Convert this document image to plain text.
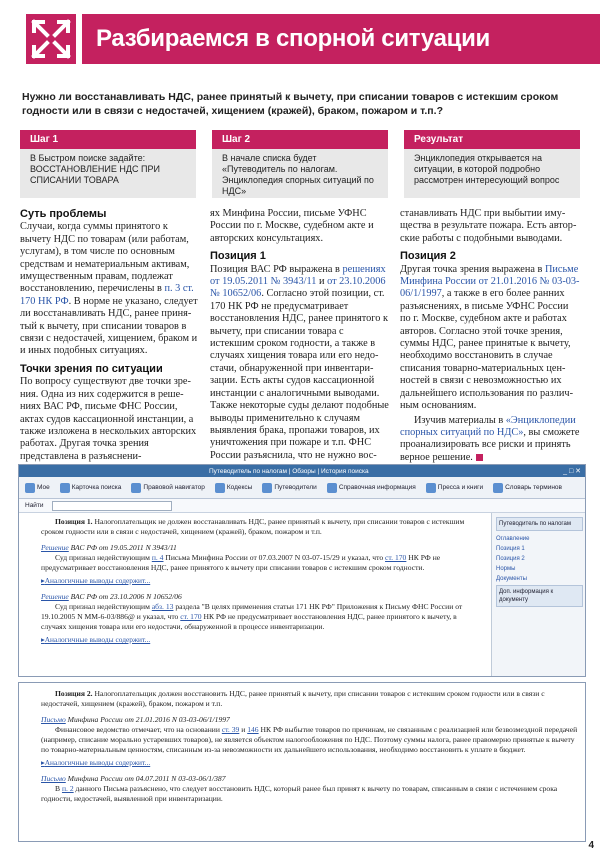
Разбираемся в спорной ситуации
Нужно ли восстанавливать НДС, ранее принятый к вычету, при списании товаров с истекшим сроком годности или в связи с недостачей, хищением (кражей), браком, пожаром и т.п.?
Шаг 1
В Быстром поиске задайте: ВОССТАНОВЛЕНИЕ НДС ПРИ СПИСАНИИ ТОВАРА
Шаг 2
В начале списка будет «Путеводитель по налогам. Энциклопедия спорных ситуаций по НДС»
Результат
Энциклопедия открывается на ситуации, в которой подробно рассмотрен интересующий вопрос
Суть проблемы

Случаи, когда суммы принятого к вычету НДС по товарам (или работам, услугам), в том числе по основным средствам и нематериальным активам, имущественным правам, подлежат восстановлению, перечислены в п. 3 ст. 170 НК РФ. В норме не указано, следует ли восстанавливать НДС, ранее принятый к вычету, при списании товаров в связи с недостачей, хищением, браком и и иных подобных ситуациях.

Точки зрения по ситуации

По вопросу существуют две точки зрения. Одна из них содержится в решениях ВАС РФ, письме ФНС России, актах судов кассационной инстанции, а также изложена в нескольких авторских работах. Другая точка зрения представлена в разъяснени-

ях Минфина России, письме УФНС России по г. Москве, судебном акте и авторских консультациях.

Позиция 1

Позиция ВАС РФ выражена в решениях от 19.05.2011 № 3943/11 и от 23.10.2006 № 10652/06. Согласно этой позиции, ст. 170 НК РФ не предусматривает восстановления НДС, ранее принятого к вычету, при списании товара с истекшим сроком годности, а также в случаях хищения товара или его недостачи, обнаруженной при инвентаризации. Есть акты судов кассационной инстанции с аналогичными выводами. Также некоторые суды делают подобные выводы применительно к случаям выявления брака, пропажи товаров, их уничтожения при пожаре и т.п. ФНС России разъяснила, что не нужно вос-

станавливать НДС при выбытии имущества в результате пожара. Есть авторские работы с подобными выводами.

Позиция 2

Другая точка зрения выражена в Письме Минфина России от 21.01.2016 № 03-03-06/1/1997, а также в его более ранних разъяснениях, в письме УФНС России по г. Москве, судебном акте и работах авторов. Согласно этой точке зрения, суммы НДС, ранее принятые к вычету, необходимо восстановить в случае списания товарно-материальных ценностей в связи с невозможностью их дальнейшего использования по различным основаниям.

Изучив материалы в «Энциклопедии спорных ситуаций по НДС», вы сможете проанализировать все риски и принять верное решение.

Путеводитель по налогам | Обзоры | История поиска	_ □ ✕
Мое	Карточка поиска	Правовой навигатор	Кодексы	Путеводители	Справочная информация	Пресса и книги	Словарь терминов
Найти
Позиция 1. Налогоплательщик не должен восстанавливать НДС, ранее принятый к вычету, при списании товаров с истекшим сроком годности или в связи с недостачей, хищением (кражей), браком, пожаром и т.п.
Решение ВАС РФ от 19.05.2011 N 3943/11
Суд признал недействующим п. 4 Письма Минфина России от 07.03.2007 N 03-07-15/29 и указал, что ст. 170 НК РФ не предусматривает восстановления НДС, ранее принятого к вычету при списании товаров с истекшим сроком годности.
▸ Аналогичные выводы содержит...
Решение ВАС РФ от 23.10.2006 N 10652/06
Суд признал недействующим абз. 13 раздела "В целях применения статьи 171 НК РФ" Приложения к Письму ФНС России от 19.10.2005 N ММ-6-03/886@ и указал, что ст. 170 НК РФ не предусматривает восстановления НДС, ранее принятого к вычету, в случаях хищения товара или его недостачи, обнаруженной в процессе инвентаризации.
▸ Аналогичные выводы содержит...
Путеводитель по налогам
Оглавление
Позиция 1
Позиция 2
Нормы
Документы
Доп. информация к документу
Позиция 2. Налогоплательщик должен восстановить НДС, ранее принятый к вычету, при списании товаров с истекшим сроком годности или в связи с недостачей, хищением (кражей), браком, пожаром и т.п.
Письмо Минфина России от 21.01.2016 N 03-03-06/1/1997
Финансовое ведомство отмечает, что на основании ст. 39 и 146 НК РФ выбытие товаров по причинам, не связанным с реализацией или безвозмездной передачей (например, списание морально устаревших товаров), не является объектом налогообложения по НДС. Поэтому суммы налога, ранее правомерно принятые к вычету по товарно-материальным ценностям, списанным из-за невозможности их дальнейшего использования, необходимо восстановить к уплате в бюджет.
▸ Аналогичные выводы содержит...
Письмо Минфина России от 04.07.2011 N 03-03-06/1/387
В п. 2 данного Письма разъяснено, что следует восстановить НДС, который ранее был принят к вычету по товарам, списанным в связи с истечением срока годности, недостачей, выявленной при инвентаризации.
4
